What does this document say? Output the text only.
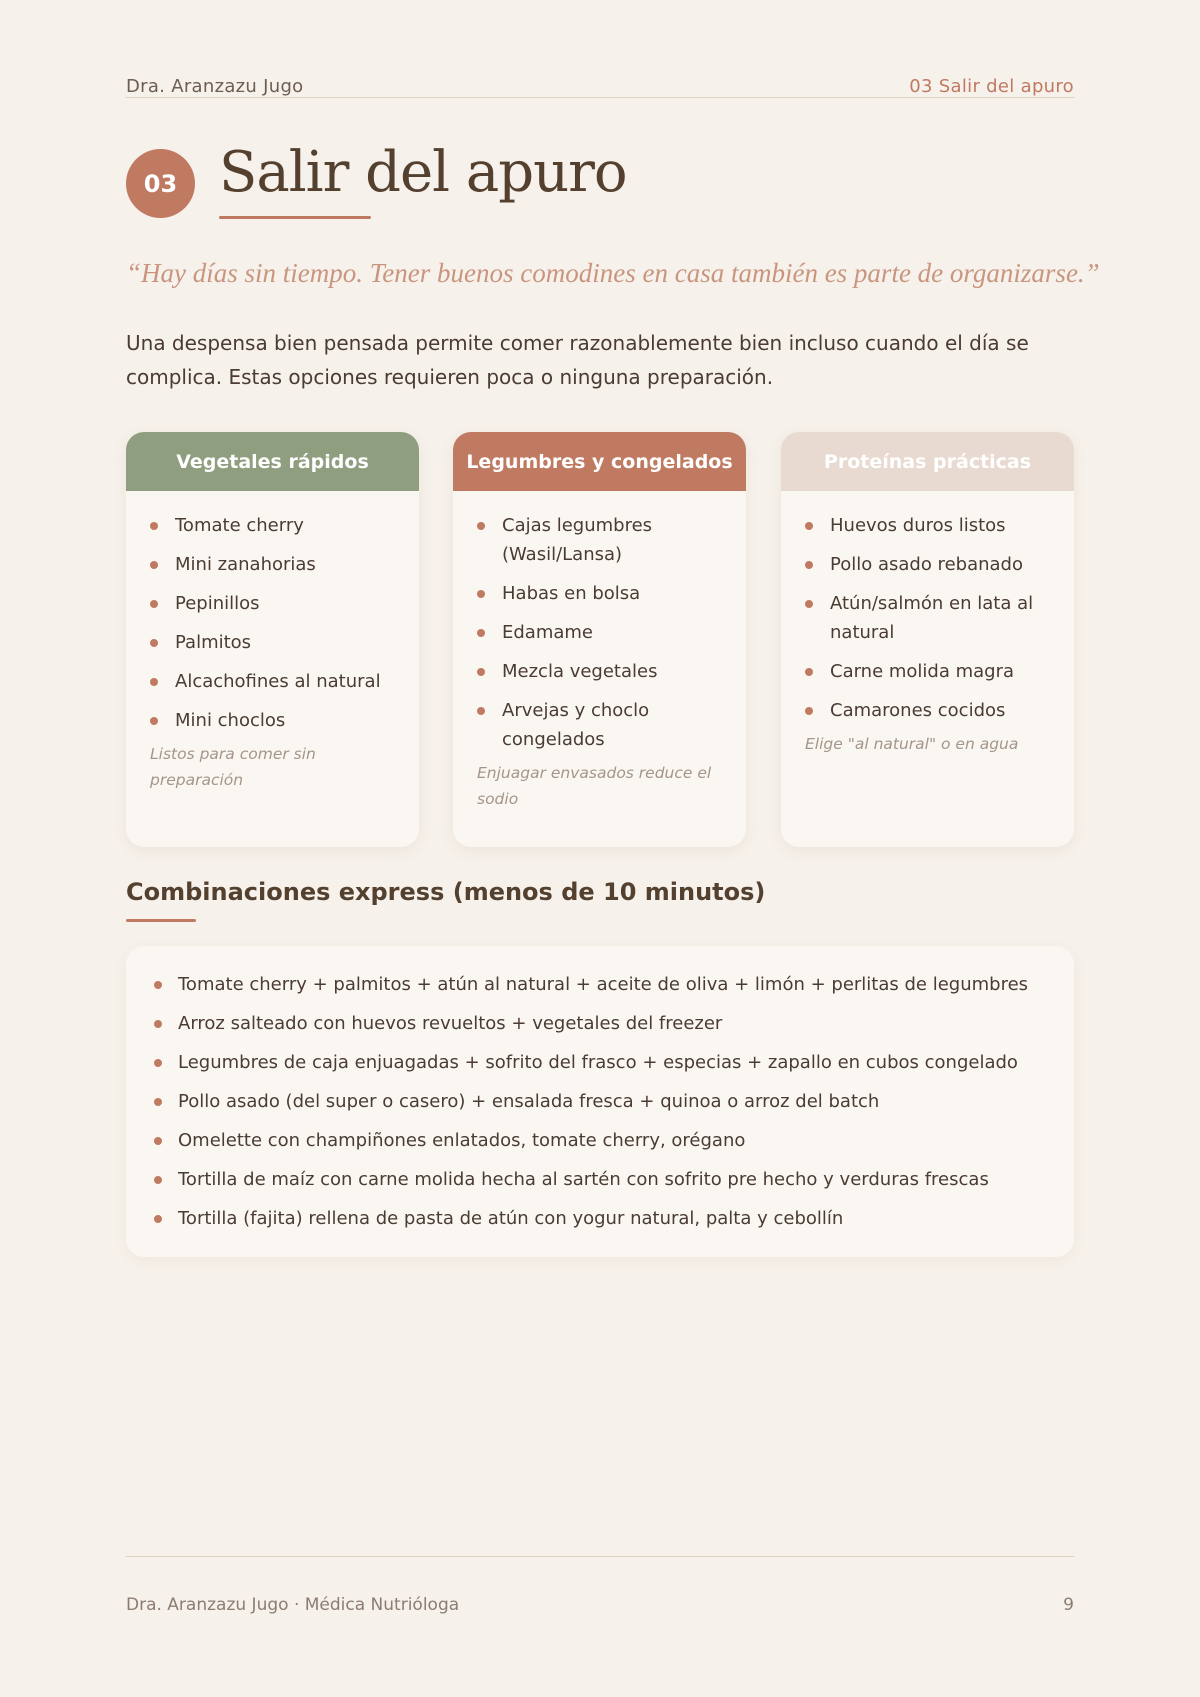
Dra. Aranzazu Jugo	03 Salir del apuro
03 Salir del apuro

“Hay días sin tiempo. Tener buenos comodines en casa también es parte de organizarse.”

Una despensa bien pensada permite comer razonablemente bien incluso cuando el día se complica. Estas opciones requieren poca o ninguna preparación.

Vegetales rápidos
Tomate cherry
Mini zanahorias
Pepinillos
Palmitos
Alcachofines al natural
Mini choclos

Listos para comer sin preparación

Legumbres y congelados
Cajas legumbres (Wasil/Lansa)
Habas en bolsa
Edamame
Mezcla vegetales
Arvejas y choclo congelados

Enjuagar envasados reduce el sodio

Proteínas prácticas
Huevos duros listos
Pollo asado rebanado
Atún/salmón en lata al natural
Carne molida magra
Camarones cocidos

Elige "al natural" o en agua

Combinaciones express (menos de 10 minutos)
Tomate cherry + palmitos + atún al natural + aceite de oliva + limón + perlitas de legumbres
Arroz salteado con huevos revueltos + vegetales del freezer
Legumbres de caja enjuagadas + sofrito del frasco + especias + zapallo en cubos congelado
Pollo asado (del super o casero) + ensalada fresca + quinoa o arroz del batch
Omelette con champiñones enlatados, tomate cherry, orégano
Tortilla de maíz con carne molida hecha al sartén con sofrito pre hecho y verduras frescas
Tortilla (fajita) rellena de pasta de atún con yogur natural, palta y cebollín
Dra. Aranzazu Jugo · Médica Nutrióloga	9
